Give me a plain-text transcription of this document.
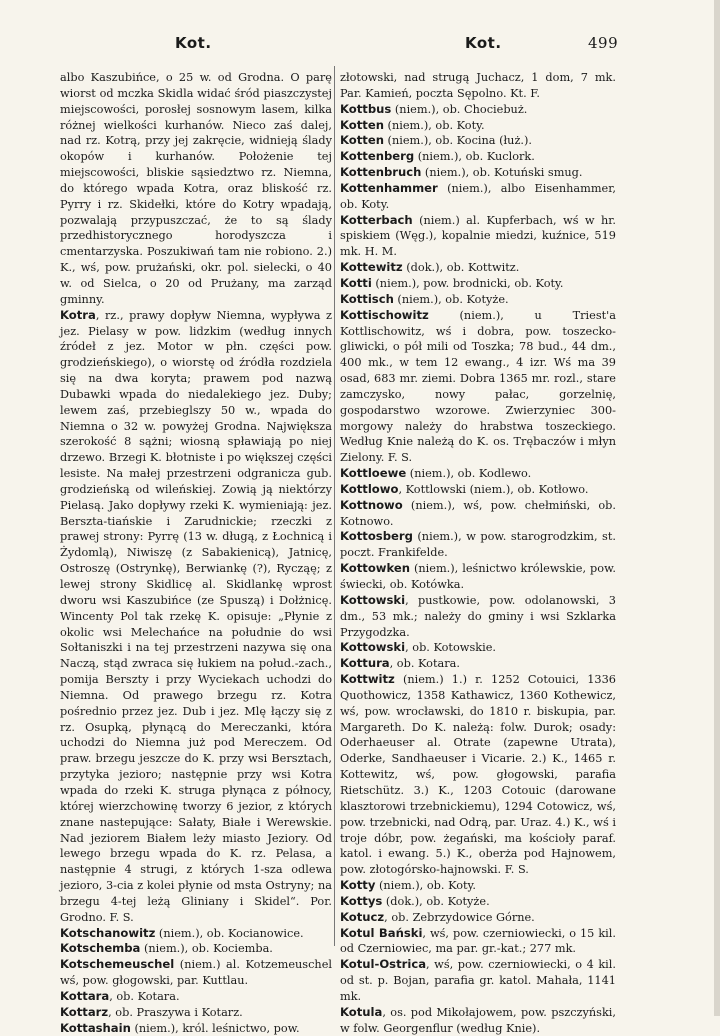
Kot.	Kot.	499

albo Kaszubińce, o 25 w. od Grodna. O parę wiorst od mczka Skidla widać śród piaszczystej miejscowości, porosłej sosnowym lasem, kilka różnej wielkości kurhanów. Nieco zaś dalej, nad rz. Kotrą, przy jej zakręcie, widnieją ślady okopów i kurhanów. Położenie tej miejscowości, bliskie sąsiedztwo rz. Niemna, do którego wpada Kotra, oraz bliskość rz. Pyrry i rz. Skidełki, które do Kotry wpadają, pozwalają przypuszczać, że to są ślady przedhistorycznego horodyszcza i cmentarzyska. Poszukiwań tam nie robiono. 2.) K., wś, pow. prużański, okr. pol. sielecki, o 40 w. od Sielca, o 20 od Prużany, ma zarząd gminny.

Kotra, rz., prawy dopływ Niemna, wypływa z jez. Pielasy w pow. lidzkim (według innych źródeł z jez. Motor w płn. części pow. grodzieńskiego), o wiorstę od źródła rozdziela się na dwa koryta; prawem pod nazwą Dubawki wpada do niedalekiego jez. Duby; lewem zaś, przebieglszy 50 w., wpada do Niemna o 32 w. powyżej Grodna. Największa szerokość 8 sążni; wiosną spławiają po niej drzewo. Brzegi K. błotniste i po większej części lesiste. Na małej przestrzeni odgranicza gub. grodzieńską od wileńskiej. Zowią ją niektórzy Pielasą. Jako dopływy rzeki K. wymieniają: jez. Berszta-tiańskie i Zarudnickie; rzeczki z prawej strony: Pyrrę (13 w. długą, z Łochnicą i Żydomlą), Niwiszę (z Sabakienicą), Jatnicę, Ostroszę (Ostrynkę), Berwiankę (?), Rycząę; z lewej strony Skidlicę al. Skidlankę wprost dworu wsi Kaszubińce (ze Spuszą) i Dołżnicę. Wincenty Pol tak rzekę K. opisuje: „Płynie z okolic wsi Melechańce na południe do wsi Sołtaniszki i na tej przestrzeni nazywa się ona Naczą, stąd zwraca się łukiem na połud.-zach., pomija Berszty i przy Wyciekach uchodzi do Niemna. Od prawego brzegu rz. Kotra pośrednio przez jez. Dub i jez. Mlę łączy się z rz. Osupką, płynącą do Mereczanki, która uchodzi do Niemna już pod Mereczem. Od praw. brzegu jeszcze do K. przy wsi Bersztach, przytyka jezioro; następnie przy wsi Kotra wpada do rzeki K. struga płynąca z północy, której wierzchowinę tworzy 6 jezior, z których znane nastepujące: Sałaty, Białe i Werewskie. Nad jeziorem Białem leży miasto Jeziory. Od lewego brzegu wpada do K. rz. Pelasa, a następnie 4 strugi, z których 1-sza odlewa jezioro, 3-cia z kolei płynie od msta Ostryny; na brzegu 4-tej leżą Gliniany i Skidel“. Por. Grodno. F. S.

Kotschanowitz (niem.), ob. Kocianowice.

Kotschemba (niem.), ob. Kociemba.

Kotschemeuschel (niem.) al. Kotzemeuschel wś, pow. głogowski, par. Kuttlau.

Kottara, ob. Kotara.

Kottarz, ob. Praszywa i Kotarz.

Kottashain (niem.), król. leśnictwo, pow.

złotowski, nad strugą Juchacz, 1 dom, 7 mk. Par. Kamień, poczta Sępolno. Kt. F.

Kottbus (niem.), ob. Chociebuż.

Kotten (niem.), ob. Koty.

Kotten (niem.), ob. Kocina (łuż.).

Kottenberg (niem.), ob. Kuclork.

Kottenbruch (niem.), ob. Kotuński smug.

Kottenhammer (niem.), albo Eisenhammer, ob. Koty.

Kotterbach (niem.) al. Kupferbach, wś w hr. spiskiem (Węg.), kopalnie miedzi, kuźnice, 519 mk. H. M.

Kottewitz (dok.), ob. Kottwitz.

Kotti (niem.), pow. brodnicki, ob. Koty.

Kottisch (niem.), ob. Kotyże.

Kottischowitz (niem.), u Triest'a Kottlischowitz, wś i dobra, pow. toszecko-gliwicki, o pół mili od Toszka; 78 bud., 44 dm., 400 mk., w tem 12 ewang., 4 izr. Wś ma 39 osad, 683 mr. ziemi. Dobra 1365 mr. rozl., stare zamczysko, nowy pałac, gorzelnię, gospodarstwo wzorowe. Zwierzyniec 300-morgowy należy do hrabstwa toszeckiego. Według Knie należą do K. os. Trębaczów i młyn Zielony. F. S.

Kottloewe (niem.), ob. Kodlewo.

Kottlowo, Kottlowski (niem.), ob. Kotłowo.

Kottnowo (niem.), wś, pow. chełmiński, ob. Kotnowo.

Kottosberg (niem.), w pow. starogrodzkim, st. poczt. Frankifelde.

Kottowken (niem.), leśnictwo królewskie, pow. świecki, ob. Kotówka.

Kottowski, pustkowie, pow. odolanowski, 3 dm., 53 mk.; należy do gminy i wsi Szklarka Przygodzka.

Kottowski, ob. Kotowskie.

Kottura, ob. Kotara.

Kottwitz (niem.) 1.) r. 1252 Cotouici, 1336 Quothowicz, 1358 Kathawicz, 1360 Kothewicz, wś, pow. wrocławski, do 1810 r. biskupia, par. Margareth. Do K. należą: folw. Durok; osady: Oderhaeuser al. Otrate (zapewne Utrata), Oderke, Sandhaeuser i Vicarie. 2.) K., 1465 r. Kottewitz, wś, pow. głogowski, parafia Rietschütz. 3.) K., 1203 Cotouic (darowane klasztorowi trzebnickiemu), 1294 Cotowicz, wś, pow. trzebnicki, nad Odrą, par. Uraz. 4.) K., wś i troje dóbr, pow. żegański, ma kościoły paraf. katol. i ewang. 5.) K., oberża pod Hajnowem, pow. złotogórsko-hajnowski. F. S.

Kotty (niem.), ob. Koty.

Kottys (dok.), ob. Kotyże.

Kotucz, ob. Zebrzydowice Górne.

Kotul Bański, wś, pow. czerniowiecki, o 15 kil. od Czerniowiec, ma par. gr.-kat.; 277 mk.

Kotul-Ostrica, wś, pow. czerniowiecki, o 4 kil. od st. p. Bojan, parafia gr. katol. Mahała, 1141 mk.

Kotula, os. pod Mikołajowem, pow. pszczyński, w folw. Georgenflur (według Knie).
